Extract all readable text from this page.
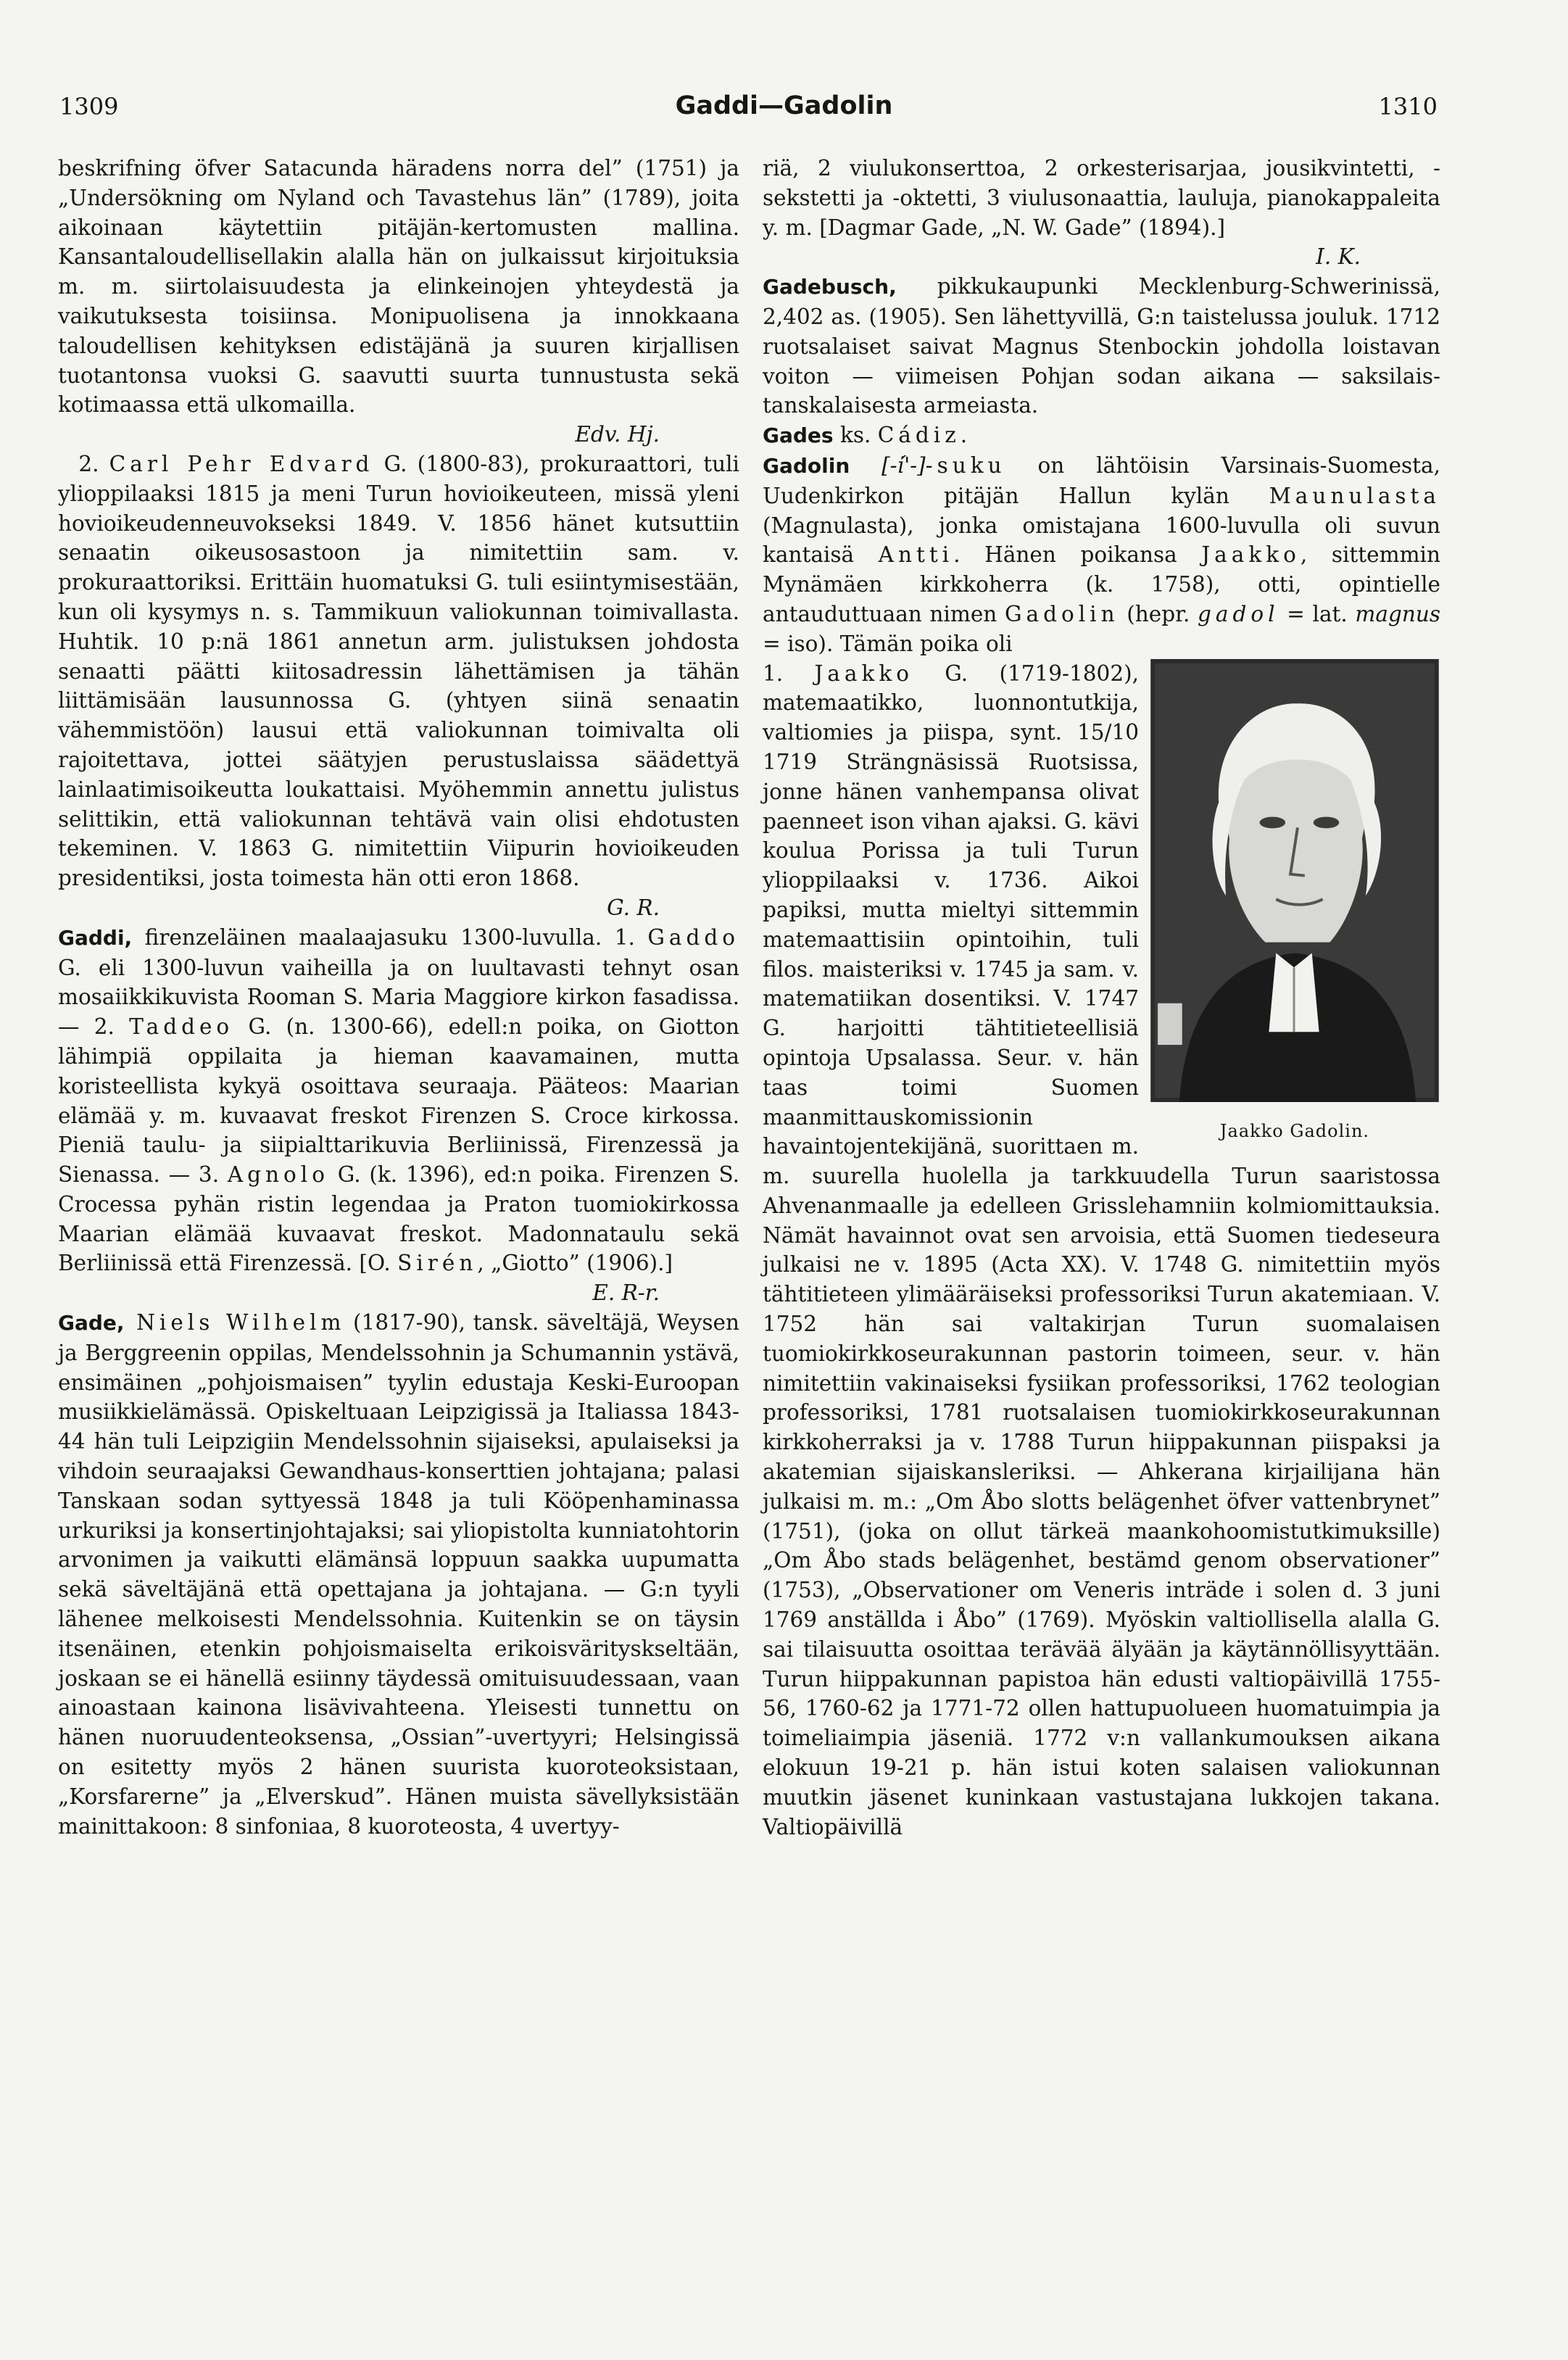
1309	Gaddi—Gadolin	1310

beskrifning öfver Satacunda häradens norra del” (1751) ja „Undersökning om Nyland och Tavastehus län” (1789), joita aikoinaan käytettiin pitäjän-kertomusten mallina. Kansantaloudellisellakin alalla hän on julkaissut kirjoituksia m. m. siirtolaisuudesta ja elinkeinojen yhteydestä ja vaikutuksesta toisiinsa. Monipuolisena ja innokkaana taloudellisen kehityksen edistäjänä ja suuren kirjallisen tuotantonsa vuoksi G. saavutti suurta tunnustusta sekä kotimaassa että ulkomailla.
Edv. Hj.

2. Carl Pehr Edvard G. (1800-83), prokuraattori, tuli ylioppilaaksi 1815 ja meni Turun hovioikeuteen, missä yleni hovioikeudenneuvokseksi 1849. V. 1856 hänet kutsuttiin senaatin oikeusosastoon ja nimitettiin sam. v. prokuraattoriksi. Erittäin huomatuksi G. tuli esiintymisestään, kun oli kysymys n. s. Tammikuun valiokunnan toimivallasta. Huhtik. 10 p:nä 1861 annetun arm. julistuksen johdosta senaatti päätti kiitosadressin lähettämisen ja tähän liittämisään lausunnossa G. (yhtyen siinä senaatin vähemmistöön) lausui että valiokunnan toimivalta oli rajoitettava, jottei säätyjen perustuslaissa säädettyä lainlaatimisoikeutta loukattaisi. Myöhemmin annettu julistus selittikin, että valiokunnan tehtävä vain olisi ehdotusten tekeminen. V. 1863 G. nimitettiin Viipurin hovioikeuden presidentiksi, josta toimesta hän otti eron 1868.
G. R.

Gaddi, firenzeläinen maalaajasuku 1300-luvulla. 1. Gaddo G. eli 1300-luvun vaiheilla ja on luultavasti tehnyt osan mosaiikkikuvista Rooman S. Maria Maggiore kirkon fasadissa. — 2. Taddeo G. (n. 1300-66), edell:n poika, on Giotton lähimpiä oppilaita ja hieman kaavamainen, mutta koristeellista kykyä osoittava seuraaja. Pääteos: Maarian elämää y. m. kuvaavat freskot Firenzen S. Croce kirkossa. Pieniä taulu- ja siipialttarikuvia Berliinissä, Firenzessä ja Sienassa. — 3. Agnolo G. (k. 1396), ed:n poika. Firenzen S. Crocessa pyhän ristin legendaa ja Praton tuomiokirkossa Maarian elämää kuvaavat freskot. Madonnataulu sekä Berliinissä että Firenzessä. [O. Sirén, „Giotto” (1906).]
E. R-r.

Gade, Niels Wilhelm (1817-90), tansk. säveltäjä, Weysen ja Berggreenin oppilas, Mendelssohnin ja Schumannin ystävä, ensimäinen „pohjoismaisen” tyylin edustaja Keski-Euroopan musiikkielämässä. Opiskeltuaan Leipzigissä ja Italiassa 1843-44 hän tuli Leipzigiin Mendelssohnin sijaiseksi, apulaiseksi ja vihdoin seuraajaksi Gewandhaus-konserttien johtajana; palasi Tanskaan sodan syttyessä 1848 ja tuli Kööpenhaminassa urkuriksi ja konsertinjohtajaksi; sai yliopistolta kunniatohtorin arvonimen ja vaikutti elämänsä loppuun saakka uupumatta sekä säveltäjänä että opettajana ja johtajana. — G:n tyyli lähenee melkoisesti Mendelssohnia. Kuitenkin se on täysin itsenäinen, etenkin pohjoismaiselta erikoisvärityskseltään, joskaan se ei hänellä esiinny täydessä omituisuudessaan, vaan ainoastaan kainona lisävivahteena. Yleisesti tunnettu on hänen nuoruudenteoksensa, „Ossian”-uvertyyri; Helsingissä on esitetty myös 2 hänen suurista kuoroteoksistaan, „Korsfarerne” ja „Elverskud”. Hänen muista sävellyksistään mainittakoon: 8 sinfoniaa, 8 kuoroteosta, 4 uvertyy-

riä, 2 viulukonserttoa, 2 orkesterisarjaa, jousikvintetti, -sekstetti ja -oktetti, 3 viulusonaattia, lauluja, pianokappaleita y. m. [Dagmar Gade, „N. W. Gade” (1894).]
I. K.

Gadebusch, pikkukaupunki Mecklenburg-Schwerinissä, 2,402 as. (1905). Sen lähettyvillä, G:n taistelussa jouluk. 1712 ruotsalaiset saivat Magnus Stenbockin johdolla loistavan voiton — viimeisen Pohjan sodan aikana — saksilais-tanskalaisesta armeiasta.

Gades ks. Cádiz.

Gadolin [-i̇́'-]-suku on lähtöisin Varsinais-Suomesta, Uudenkirkon pitäjän Hallun kylän Maunulasta (Magnulasta), jonka omistajana 1600-luvulla oli suvun kantaisä Antti. Hänen poikansa Jaakko, sittemmin Mynämäen kirkkoherra (k. 1758), otti, opintielle antauduttuaan nimen Gadolin (hepr. gadol = lat. magnus = iso). Tämän poika oli

Jaakko Gadolin.
1. Jaakko G. (1719-1802), matemaatikko, luonnontutkija, valtiomies ja piispa, synt. 15/10 1719 Strängnäsissä Ruotsissa, jonne hänen vanhempansa olivat paenneet ison vihan ajaksi. G. kävi koulua Porissa ja tuli Turun ylioppilaaksi v. 1736. Aikoi papiksi, mutta mieltyi sittemmin matemaattisiin opintoihin, tuli filos. maisteriksi v. 1745 ja sam. v. matematiikan dosentiksi. V. 1747 G. harjoitti tähtitieteellisiä opintoja Upsalassa. Seur. v. hän taas toimi Suomen maanmittauskomissionin havaintojentekijänä, suorittaen m. m. suurella huolella ja tarkkuudella Turun saaristossa Ahvenanmaalle ja edelleen Grisslehamniin kolmiomittauksia. Nämät havainnot ovat sen arvoisia, että Suomen tiedeseura julkaisi ne v. 1895 (Acta XX). V. 1748 G. nimitettiin myös tähtitieteen ylimääräiseksi professoriksi Turun akatemiaan. V. 1752 hän sai valtakirjan Turun suomalaisen tuomiokirkkoseurakunnan pastorin toimeen, seur. v. hän nimitettiin vakinaiseksi fysiikan professoriksi, 1762 teologian professoriksi, 1781 ruotsalaisen tuomiokirkkoseurakunnan kirkkoherraksi ja v. 1788 Turun hiippakunnan piispaksi ja akatemian sijaiskansleriksi. — Ahkerana kirjailijana hän julkaisi m. m.: „Om Åbo slotts belägenhet öfver vattenbrynet” (1751), (joka on ollut tärkeä maankohoomistutkimuksille) „Om Åbo stads belägenhet, bestämd genom observationer” (1753), „Observationer om Veneris inträde i solen d. 3 juni 1769 anställda i Åbo” (1769). Myöskin valtiollisella alalla G. sai tilaisuutta osoittaa terävää älyään ja käytännöllisyyttään. Turun hiippakunnan papistoa hän edusti valtiopäivillä 1755-56, 1760-62 ja 1771-72 ollen hattupuolueen huomatuimpia ja toimeliaimpia jäseniä. 1772 v:n vallankumouksen aikana elokuun 19-21 p. hän istui koten salaisen valiokunnan muutkin jäsenet kuninkaan vastustajana lukkojen takana. Valtiopäivillä
